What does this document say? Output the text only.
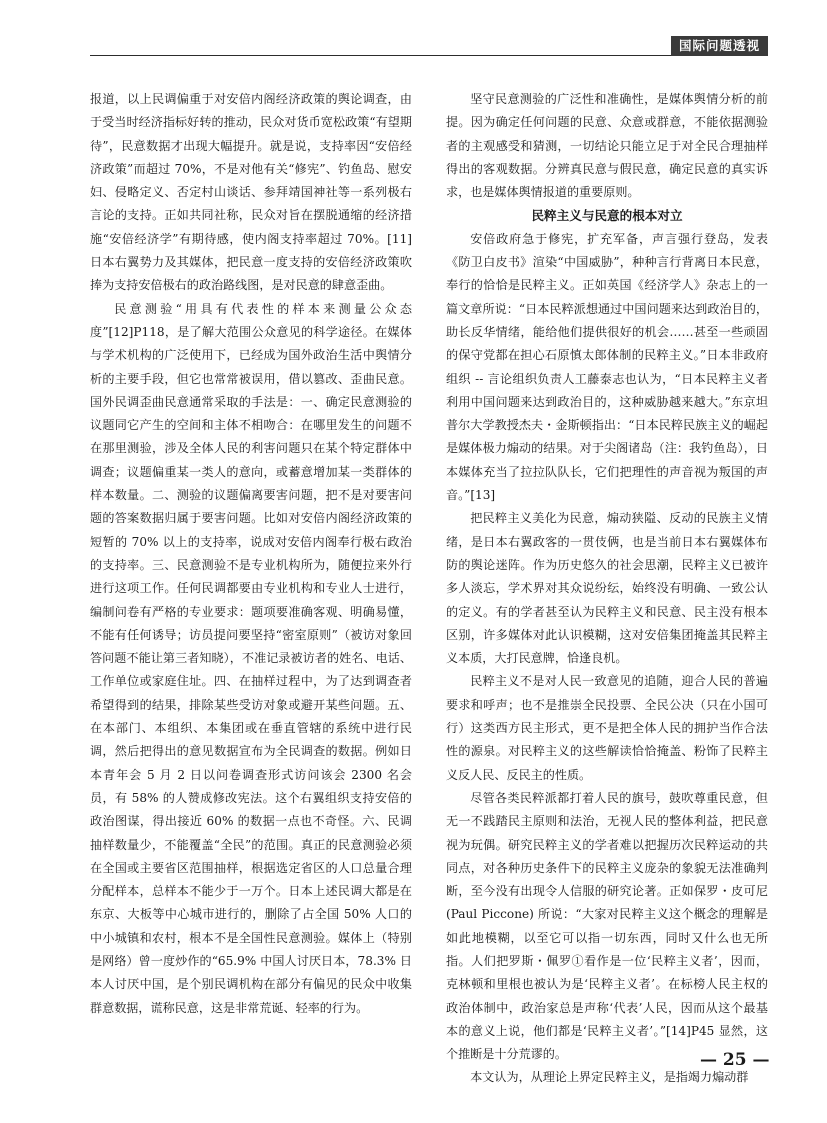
国际问题透视

报道，以上民调偏重于对安倍内阁经济政策的舆论调查，由于受当时经济指标好转的推动，民众对货币宽松政策“有望期待”，民意数据才出现大幅提升。就是说，支持率因“安倍经济政策”而超过 70%，不是对他有关“修宪”、钓鱼岛、慰安妇、侵略定义、否定村山谈话、参拜靖国神社等一系列极右言论的支持。正如共同社称，民众对旨在摆脱通缩的经济措施“安倍经济学”有期待感，使内阁支持率超过 70%。[11] 日本右翼势力及其媒体，把民意一度支持的安倍经济政策吹捧为支持安倍极右的政治路线图，是对民意的肆意歪曲。

民意测验“用具有代表性的样本来测量公众态度”[12]P118，是了解大范围公众意见的科学途径。在媒体与学术机构的广泛使用下，已经成为国外政治生活中舆情分析的主要手段，但它也常常被误用，借以篡改、歪曲民意。国外民调歪曲民意通常采取的手法是：一、确定民意测验的议题同它产生的空间和主体不相吻合：在哪里发生的问题不在那里测验，涉及全体人民的利害问题只在某个特定群体中调查；议题偏重某一类人的意向，或蓄意增加某一类群体的样本数量。二、测验的议题偏离要害问题，把不是对要害问题的答案数据归属于要害问题。比如对安倍内阁经济政策的短暂的 70% 以上的支持率，说成对安倍内阁奉行极右政治的支持率。三、民意测验不是专业机构所为，随便拉来外行进行这项工作。任何民调都要由专业机构和专业人士进行，编制问卷有严格的专业要求：题项要准确客观、明确易懂，不能有任何诱导；访员提问要坚持“密室原则”（被访对象回答问题不能让第三者知晓），不准记录被访者的姓名、电话、工作单位或家庭住址。四、在抽样过程中，为了达到调查者希望得到的结果，排除某些受访对象或避开某些问题。五、在本部门、本组织、本集团或在垂直管辖的系统中进行民调，然后把得出的意见数据宣布为全民调查的数据。例如日本青年会 5 月 2 日以问卷调查形式访问该会 2300 名会员，有 58% 的人赞成修改宪法。这个右翼组织支持安倍的政治图谋，得出接近 60% 的数据一点也不奇怪。六、民调抽样数量少，不能覆盖“全民”的范围。真正的民意测验必须在全国或主要省区范围抽样，根据选定省区的人口总量合理分配样本，总样本不能少于一万个。日本上述民调大都是在东京、大板等中心城市进行的，删除了占全国 50% 人口的中小城镇和农村，根本不是全国性民意测验。媒体上（特别是网络）曾一度炒作的“65.9% 中国人讨厌日本，78.3% 日本人讨厌中国，是个别民调机构在部分有偏见的民众中收集群意数据，谎称民意，这是非常荒诞、轻率的行为。

坚守民意测验的广泛性和准确性，是媒体舆情分析的前提。因为确定任何问题的民意、众意或群意，不能依据测验者的主观感受和猜测，一切结论只能立足于对全民合理抽样得出的客观数据。分辨真民意与假民意，确定民意的真实诉求，也是媒体舆情报道的重要原则。

民粹主义与民意的根本对立

安倍政府急于修宪，扩充军备，声言强行登岛，发表《防卫白皮书》渲染“中国威胁”，种种言行背离日本民意，奉行的恰恰是民粹主义。正如英国《经济学人》杂志上的一篇文章所说：“日本民粹派想通过中国问题来达到政治目的，助长反华情绪，能给他们提供很好的机会……甚至一些顽固的保守党都在担心石原慎太郎体制的民粹主义。”日本非政府组织 -- 言论组织负责人工藤泰志也认为，“日本民粹主义者利用中国问题来达到政治目的，这种威胁越来越大。”东京坦普尔大学教授杰夫・金斯顿指出：“日本民粹民族主义的崛起是媒体极力煽动的结果。对于尖阁诸岛（注：我钓鱼岛），日本媒体充当了拉拉队队长，它们把理性的声音视为叛国的声音。”[13]

把民粹主义美化为民意，煽动狭隘、反动的民族主义情绪，是日本右翼政客的一贯伎俩，也是当前日本右翼媒体布防的舆论迷阵。作为历史悠久的社会思潮，民粹主义已被许多人淡忘，学术界对其众说纷纭，始终没有明确、一致公认的定义。有的学者甚至认为民粹主义和民意、民主没有根本区别，许多媒体对此认识模糊，这对安倍集团掩盖其民粹主义本质，大打民意牌，恰逢良机。

民粹主义不是对人民一致意见的追随，迎合人民的普遍要求和呼声；也不是推崇全民投票、全民公决（只在小国可行）这类西方民主形式，更不是把全体人民的拥护当作合法性的源泉。对民粹主义的这些解读恰恰掩盖、粉饰了民粹主义反人民、反民主的性质。

尽管各类民粹派都打着人民的旗号，鼓吹尊重民意，但无一不践踏民主原则和法治，无视人民的整体利益，把民意视为玩偶。研究民粹主义的学者难以把握历次民粹运动的共同点，对各种历史条件下的民粹主义庞杂的象貌无法准确判断，至今没有出现令人信服的研究论著。正如保罗・皮可尼 (Paul Piccone) 所说：“大家对民粹主义这个概念的理解是如此地模糊，以至它可以指一切东西，同时又什么也无所指。人们把罗斯・佩罗①看作是一位‘民粹主义者’，因而，克林顿和里根也被认为是‘民粹主义者’。在标榜人民主权的政治体制中，政治家总是声称‘代表’人民，因而从这个最基本的意义上说，他们都是‘民粹主义者’。”[14]P45 显然，这个推断是十分荒谬的。

本文认为，从理论上界定民粹主义，是指竭力煽动群

— 25 —
